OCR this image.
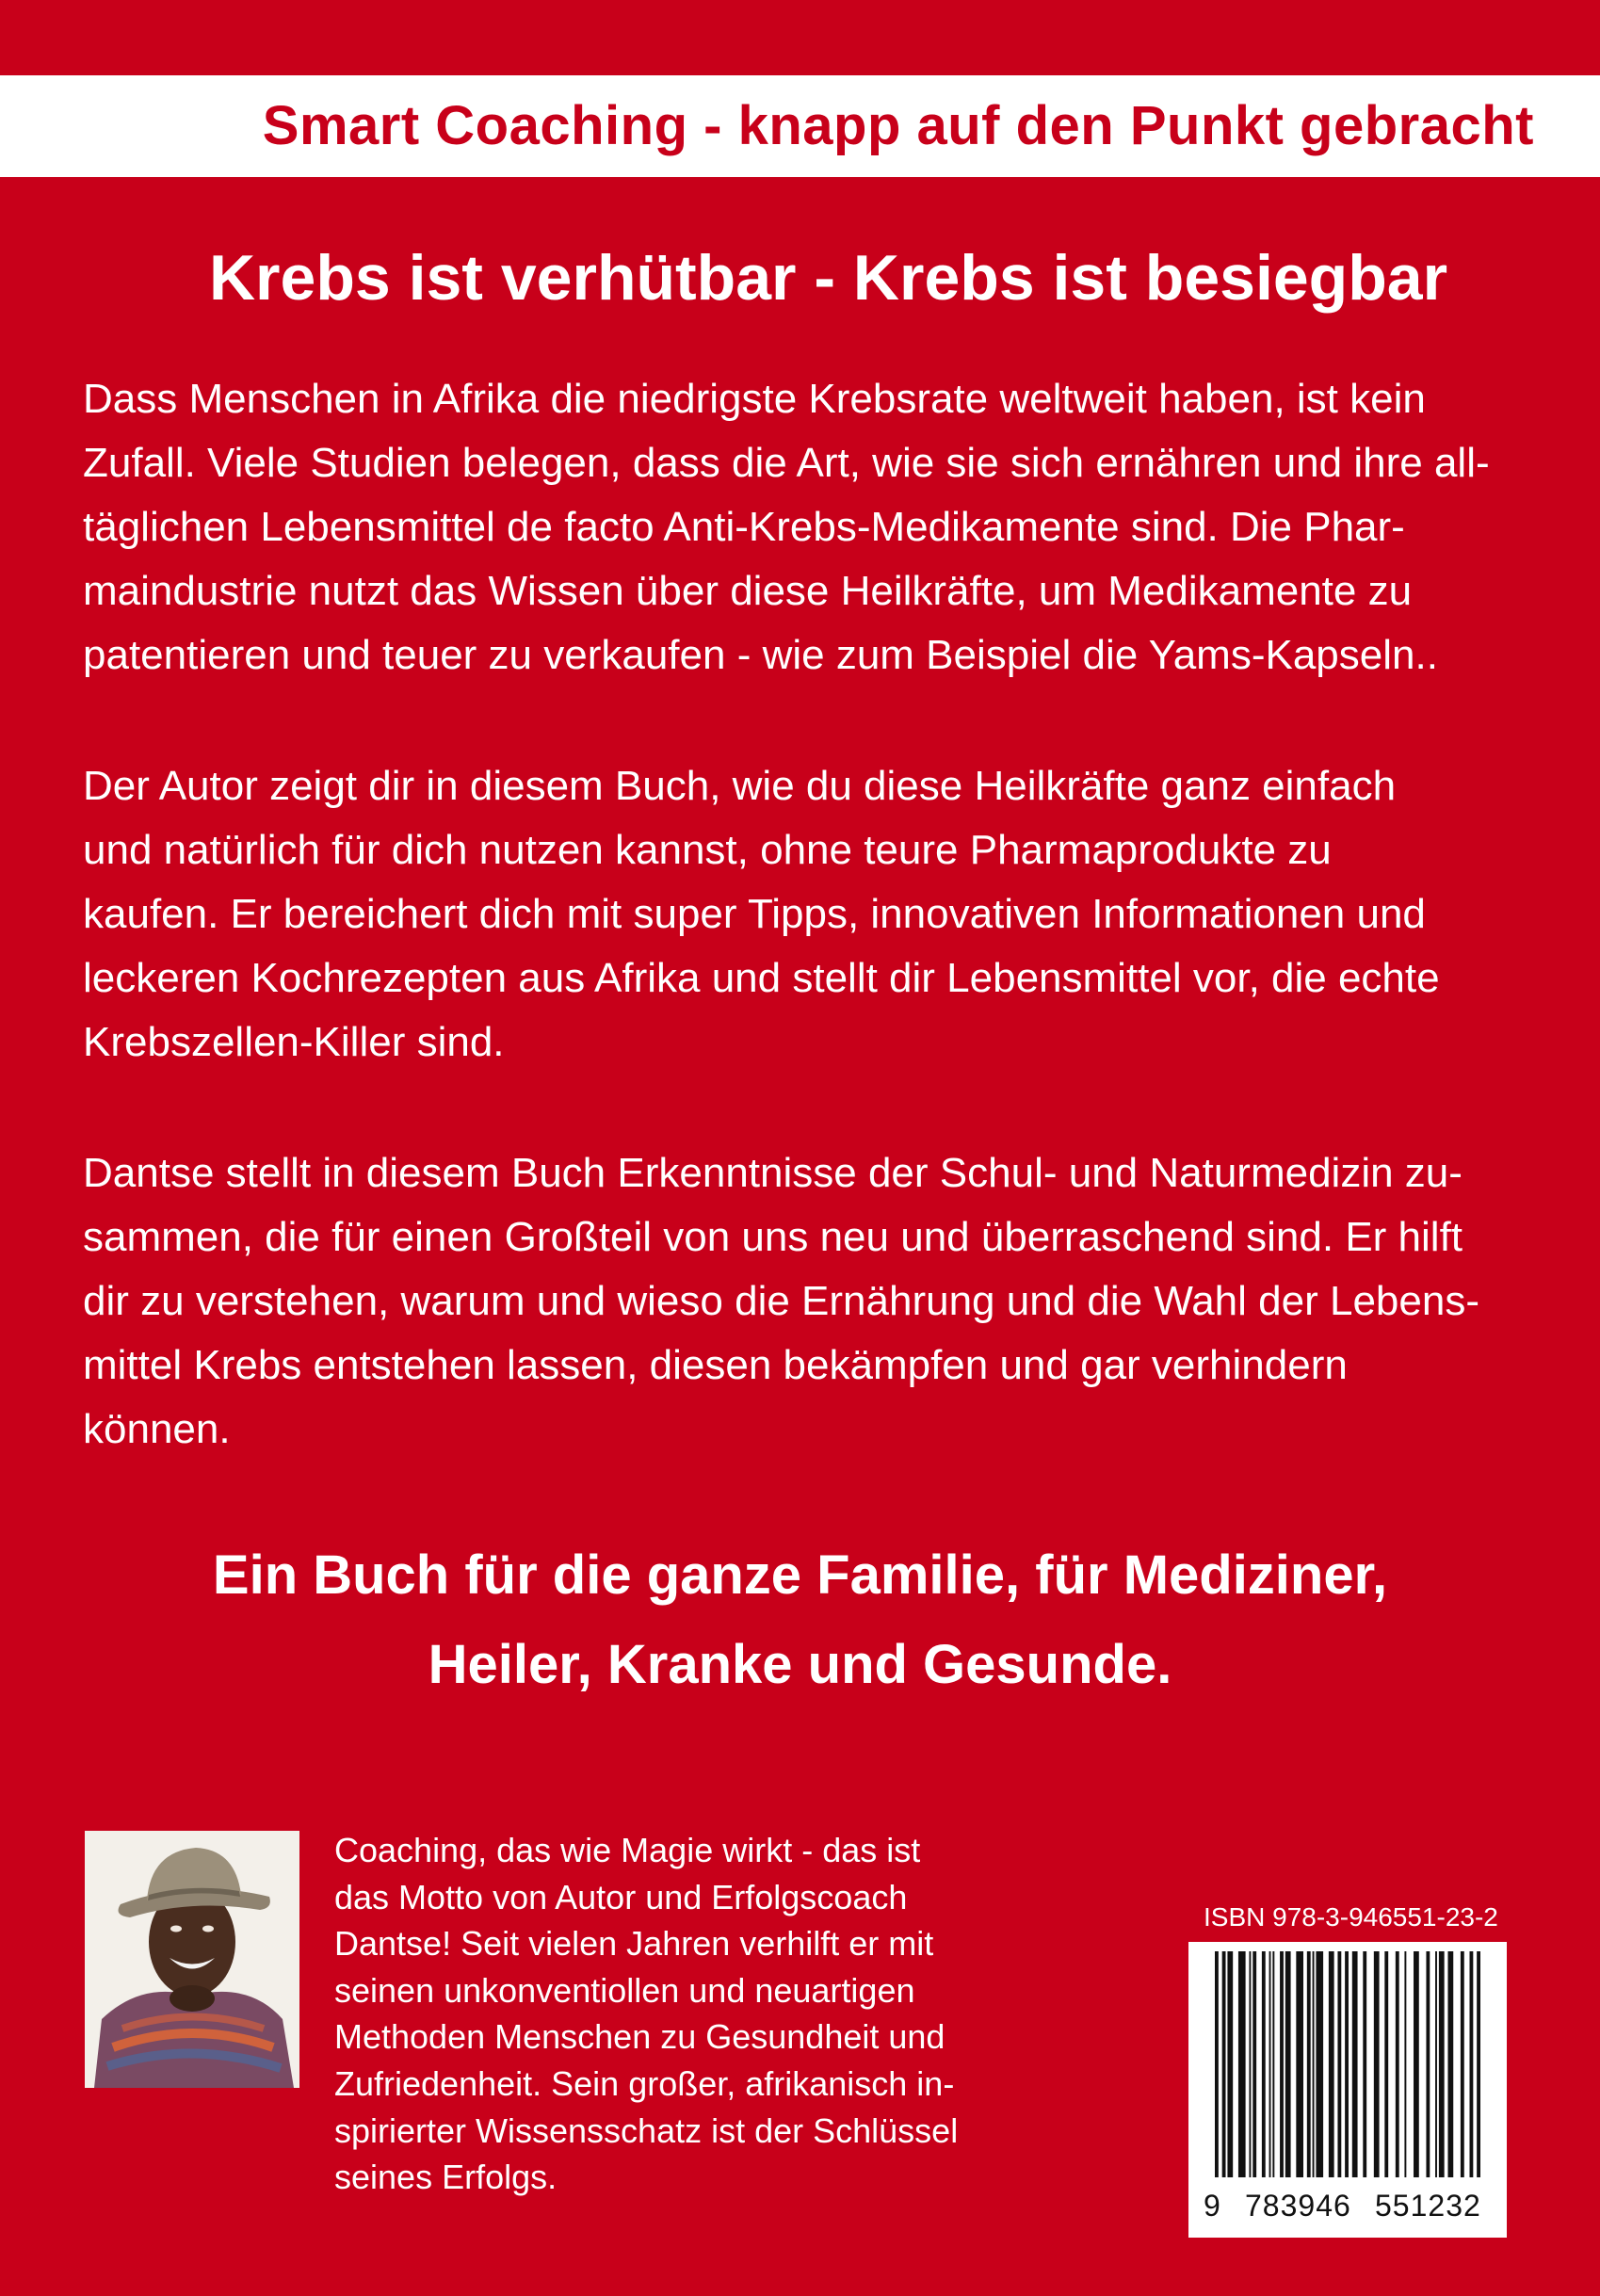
Smart Coaching - knapp auf den Punkt gebracht
Krebs ist verhütbar - Krebs ist besiegbar

Dass Menschen in Afrika die niedrigste Krebsrate weltweit haben, ist kein
Zufall. Viele Studien belegen, dass die Art, wie sie sich ernähren und ihre all-
täglichen Lebensmittel de facto Anti-Krebs-Medikamente sind. Die Phar-
maindustrie nutzt das Wissen über diese Heilkräfte, um Medikamente zu
patentieren und teuer zu verkaufen - wie zum Beispiel die Yams-Kapseln..

Der Autor zeigt dir in diesem Buch, wie du diese Heilkräfte ganz einfach
und natürlich für dich nutzen kannst, ohne teure Pharmaprodukte zu
kaufen. Er bereichert dich mit super Tipps, innovativen Informationen und
leckeren Kochrezepten aus Afrika und stellt dir Lebensmittel vor, die echte
Krebszellen-Killer sind.

Dantse stellt in diesem Buch Erkenntnisse der Schul- und Naturmedizin zu-
sammen, die für einen Großteil von uns neu und überraschend sind. Er hilft
dir zu verstehen, warum und wieso die Ernährung und die Wahl der Lebens-
mittel Krebs entstehen lassen, diesen bekämpfen und gar verhindern
können.

Ein Buch für die ganze Familie, für Mediziner,
Heiler, Kranke und Gesunde.
Coaching, das wie Magie wirkt - das ist
das Motto von Autor und Erfolgscoach
Dantse! Seit vielen Jahren verhilft er mit
seinen unkonventiollen und neuartigen
Methoden Menschen zu Gesundheit und
Zufriedenheit. Sein großer, afrikanisch in-
spirierter Wissensschatz ist der Schlüssel
seines Erfolgs.
ISBN 978-3-946551-23-2
9 783946 551232
